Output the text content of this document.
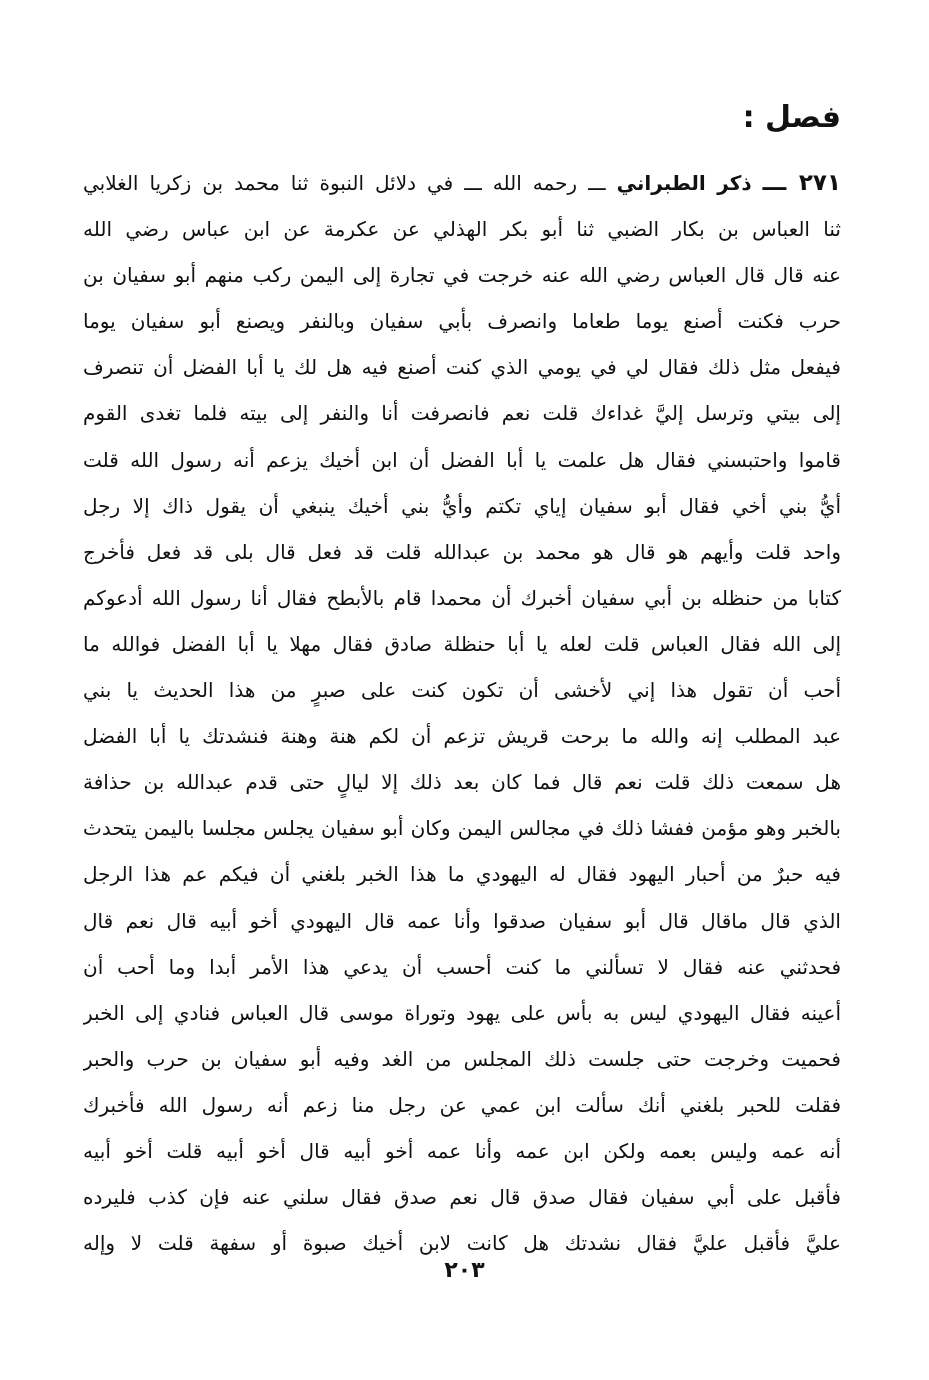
فصل :
٢٧١ ـــ ذكر الطبراني ـــ رحمه الله ـــ في دلائل النبوة ثنا محمد بن زكريا الغلابي
ثنا العباس بن بكار الضبي ثنا أبو بكر الهذلي عن عكرمة عن ابن عباس رضي الله
عنه قال قال العباس رضي الله عنه خرجت في تجارة إلى اليمن ركب منهم أبو سفيان بن
حرب فكنت أصنع يوما طعاما وانصرف بأبي سفيان وبالنفر ويصنع أبو سفيان يوما
فيفعل مثل ذلك فقال لي في يومي الذي كنت أصنع فيه هل لك يا أبا الفضل أن تنصرف
إلى بيتي وترسل إليَّ غداءك قلت نعم فانصرفت أنا والنفر إلى بيته فلما تغدى القوم
قاموا واحتبسني فقال هل علمت يا أبا الفضل أن ابن أخيك يزعم أنه رسول الله قلت
أيُّ بني أخي فقال أبو سفيان إياي تكتم وأيُّ بني أخيك ينبغي أن يقول ذاك إلا رجل
واحد قلت وأيهم هو قال هو محمد بن عبدالله قلت قد فعل قال بلى قد فعل فأخرج
كتابا من حنظله بن أبي سفيان أخبرك أن محمدا قام بالأبطح فقال أنا رسول الله أدعوكم
إلى الله فقال العباس قلت لعله يا أبا حنظلة صادق فقال مهلا يا أبا الفضل فوالله ما
أحب أن تقول هذا إني لأخشى أن تكون كنت على صبرٍ من هذا الحديث يا بني
عبد المطلب إنه والله ما برحت قريش تزعم أن لكم هنة وهنة فنشدتك يا أبا الفضل
هل سمعت ذلك قلت نعم قال فما كان بعد ذلك إلا ليالٍ حتى قدم عبدالله بن حذافة
بالخبر وهو مؤمن ففشا ذلك في مجالس اليمن وكان أبو سفيان يجلس مجلسا باليمن يتحدث
فيه حبرٌ من أحبار اليهود فقال له اليهودي ما هذا الخبر بلغني أن فيكم عم هذا الرجل
الذي قال ماقال قال أبو سفيان صدقوا وأنا عمه قال اليهودي أخو أبيه قال نعم قال
فحدثني عنه فقال لا تسألني ما كنت أحسب أن يدعي هذا الأمر أبدا وما أحب أن
أعينه فقال اليهودي ليس به بأس على يهود وتوراة موسى قال العباس فنادي إلى الخبر
فحميت وخرجت حتى جلست ذلك المجلس من الغد وفيه أبو سفيان بن حرب والحبر
فقلت للحبر بلغني أنك سألت ابن عمي عن رجل منا زعم أنه رسول الله فأخبرك
أنه عمه وليس بعمه ولكن ابن عمه وأنا عمه أخو أبيه قال أخو أبيه قلت أخو أبيه
فأقبل على أبي سفيان فقال صدق قال نعم صدق فقال سلني عنه فإن كذب فليرده
عليَّ فأقبل عليَّ فقال نشدتك هل كانت لابن أخيك صبوة أو سفهة قلت لا وإله
٢٠٣
